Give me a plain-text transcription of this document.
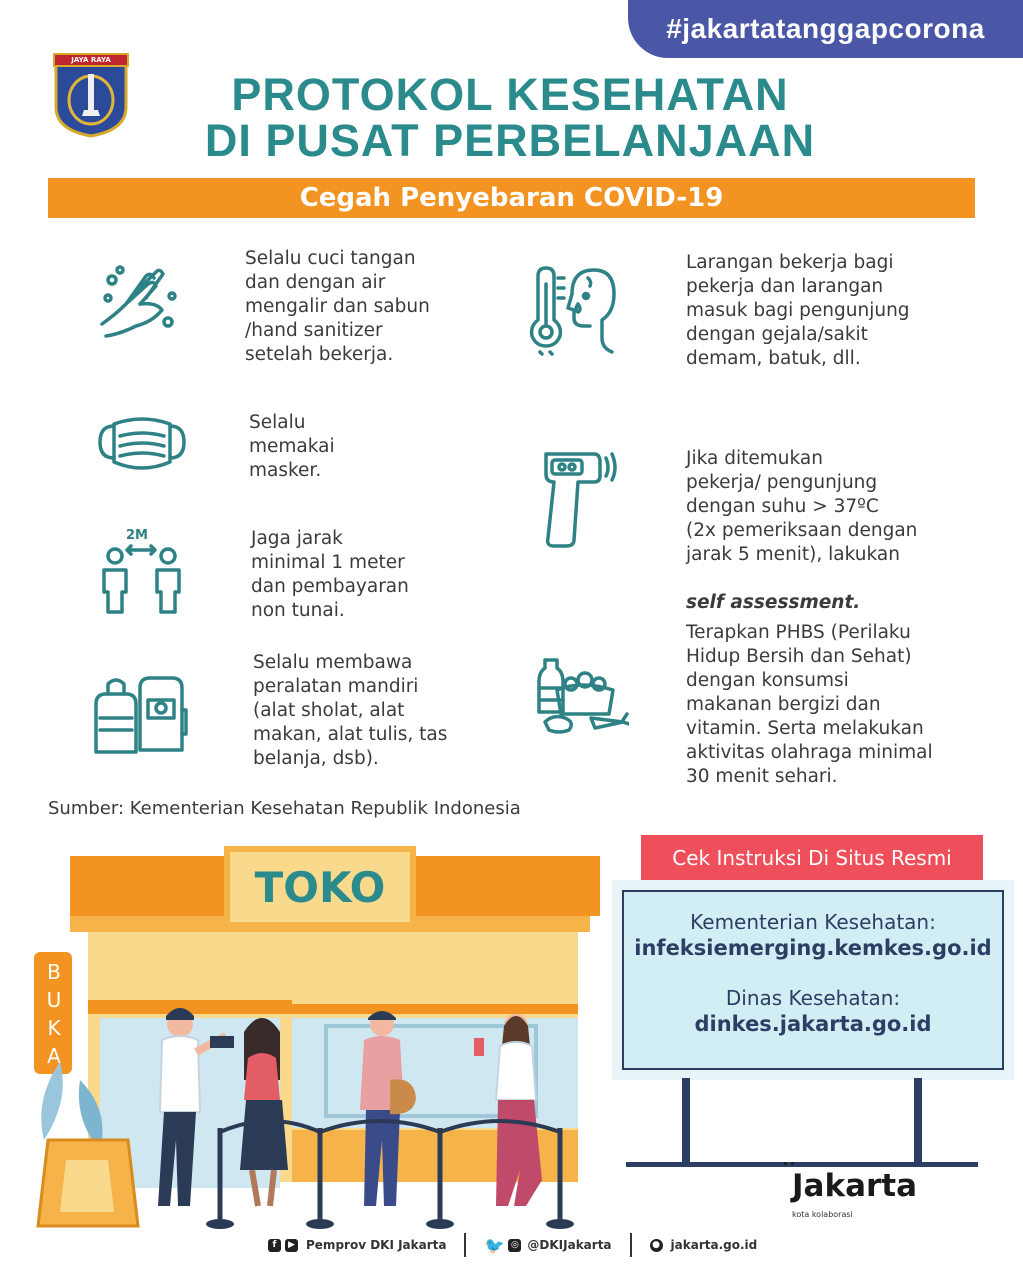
#jakartatanggapcorona
JAYA RAYA
PROTOKOL KESEHATAN
DI PUSAT PERBELANJAAN
Cegah Penyebaran COVID-19
Selalu cuci tangan
dan dengan air
mengalir dan sabun
/hand sanitizer
setelah bekerja.
Selalu
memakai
masker.
2M	Jaga jarak
minimal 1 meter
dan pembayaran
non tunai.
Selalu membawa
peralatan mandiri
(alat sholat, alat
makan, alat tulis, tas
belanja, dsb).
Larangan bekerja bagi
pekerja dan larangan
masuk bagi pengunjung
dengan gejala/sakit
demam, batuk, dll.

Jika ditemukan
pekerja/ pengunjung
dengan suhu > 37ºC
(2x pemeriksaan dengan
jarak 5 menit), lakukan

self assessment.

Terapkan PHBS (Perilaku
Hidup Bersih dan Sehat)
dengan konsumsi
makanan bergizi dan
vitamin. Serta melakukan
aktivitas olahraga minimal
30 menit sehari.
Sumber: Kementerian Kesehatan Republik Indonesia
TOKO
BUKA
Cek Instruksi Di Situs Resmi
Kementerian Kesehatan:
infeksiemerging.kemkes.go.id
Dinas Kesehatan:
dinkes.jakarta.go.id
Jakarta
kota kolaborasi
f	▶ Pemprov DKI Jakarta 🐦 ◎ @DKIJakarta	● jakarta.go.id
